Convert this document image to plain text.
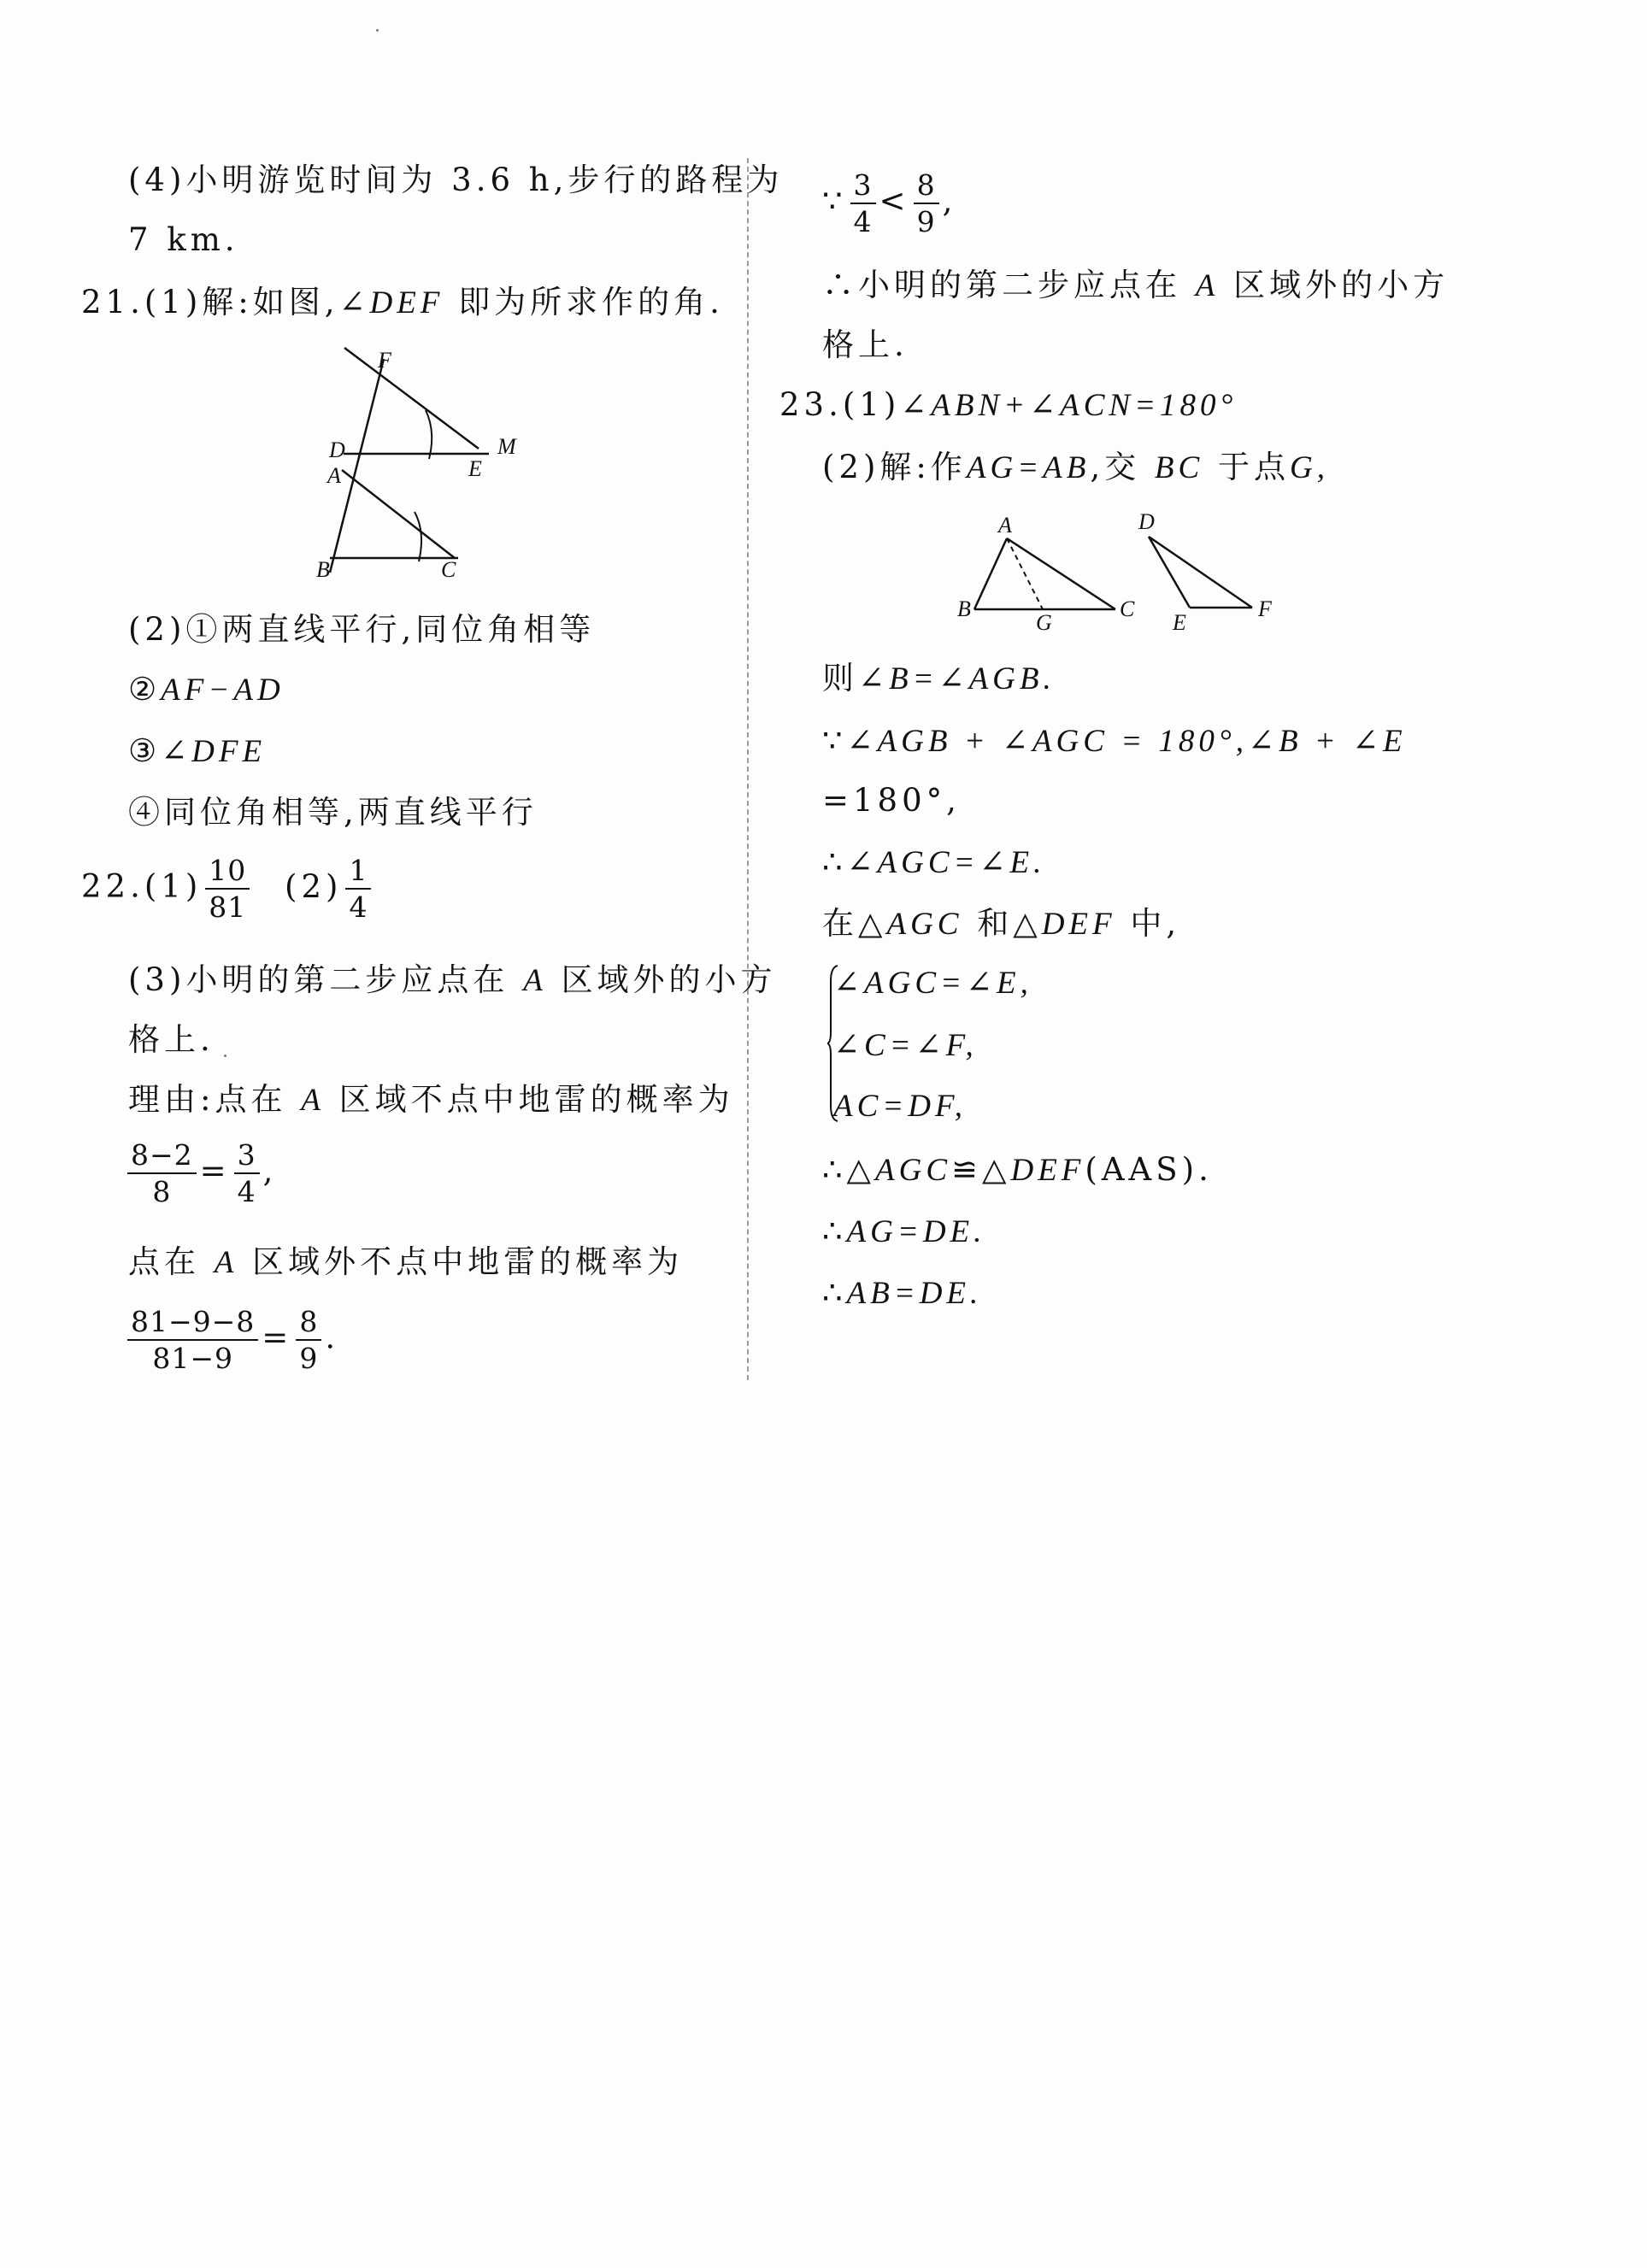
(4)小明游览时间为 3.6 h,步行的路程为
7 km.
21.(1)解:如图,∠DEF 即为所求作的角.
F
D	M
E
A
B	C
(2)①两直线平行,同位角相等
②AF−AD
③∠DFE
④同位角相等,两直线平行
$22.(1) \frac{10}{81} (2) \frac{1}{4}$
(3)小明的第二步应点在 A 区域外的小方
格上.
理由:点在 A 区域不点中地雷的概率为
$\frac{8-2}{8} = \frac{3}{4}$ ,
点在 A 区域外不点中地雷的概率为
$\frac{81-9-8}{81-9} = \frac{8}{9}$ .
∵ $\frac{3}{4} < \frac{8}{9}$ ,
∴小明的第二步应点在 A 区域外的小方
格上.
23.(1)∠ABN+∠ACN=180°
(2)解:作AG=AB,交 BC 于点G,
A
B
G
C
D
E
F
则∠B=∠AGB.
∵∠AGB + ∠AGC = 180°,∠B + ∠E
=180°,
∴∠AGC=∠E.
在△AGC 和△DEF 中,
∠AGC=∠E,
∠C=∠F,
AC=DF,
∴△AGC≌△DEF(AAS).
∴AG=DE.
∴AB=DE.
